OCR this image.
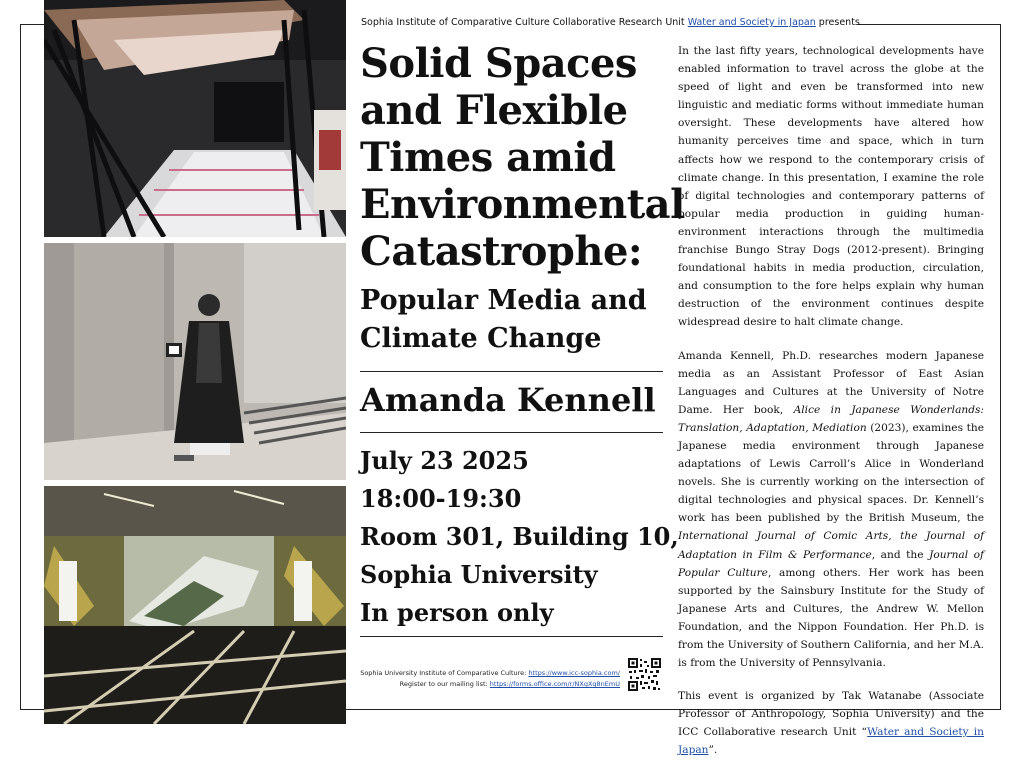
Sophia Institute of Comparative Culture Collaborative Research Unit Water and Society in Japan presents
Solid Spaces
and Flexible
Times amid
Environmental
Catastrophe:
Popular Media and
Climate Change
Amanda Kennell
July 23 2025
18:00-19:30
Room 301, Building 10,
Sophia University
In person only
Sophia University Institute of Comparative Culture: https://www.icc-sophia.com/
Register to our mailing list: https://forms.office.com/r/NXgXg8nEmU

In the last fifty years, technological developments have enabled information to travel across the globe at the speed of light and even be transformed into new linguistic and mediatic forms without immediate human oversight. These developments have altered how humanity perceives time and space, which in turn affects how we respond to the contemporary crisis of climate change. In this presentation, I examine the role of digital technologies and contemporary patterns of popular media production in guiding human-environment interactions through the multimedia franchise Bungo Stray Dogs (2012-present). Bringing foundational habits in media production, circulation, and consumption to the fore helps explain why human destruction of the environment continues despite widespread desire to halt climate change.

Amanda Kennell, Ph.D. researches modern Japanese media as an Assistant Professor of East Asian Languages and Cultures at the University of Notre Dame. Her book, Alice in Japanese Wonderlands: Translation, Adaptation, Mediation (2023), examines the Japanese media environment through Japanese adaptations of Lewis Carroll’s Alice in Wonderland novels. She is currently working on the intersection of digital technologies and physical spaces. Dr. Kennell’s work has been published by the British Museum, the International Journal of Comic Arts, the Journal of Adaptation in Film & Performance, and the Journal of Popular Culture, among others. Her work has been supported by the Sainsbury Institute for the Study of Japanese Arts and Cultures, the Andrew W. Mellon Foundation, and the Nippon Foundation. Her Ph.D. is from the University of Southern California, and her M.A. is from the University of Pennsylvania.

This event is organized by Tak Watanabe (Associate Professor of Anthropology, Sophia University) and the ICC Collaborative research Unit “Water and Society in Japan”.
